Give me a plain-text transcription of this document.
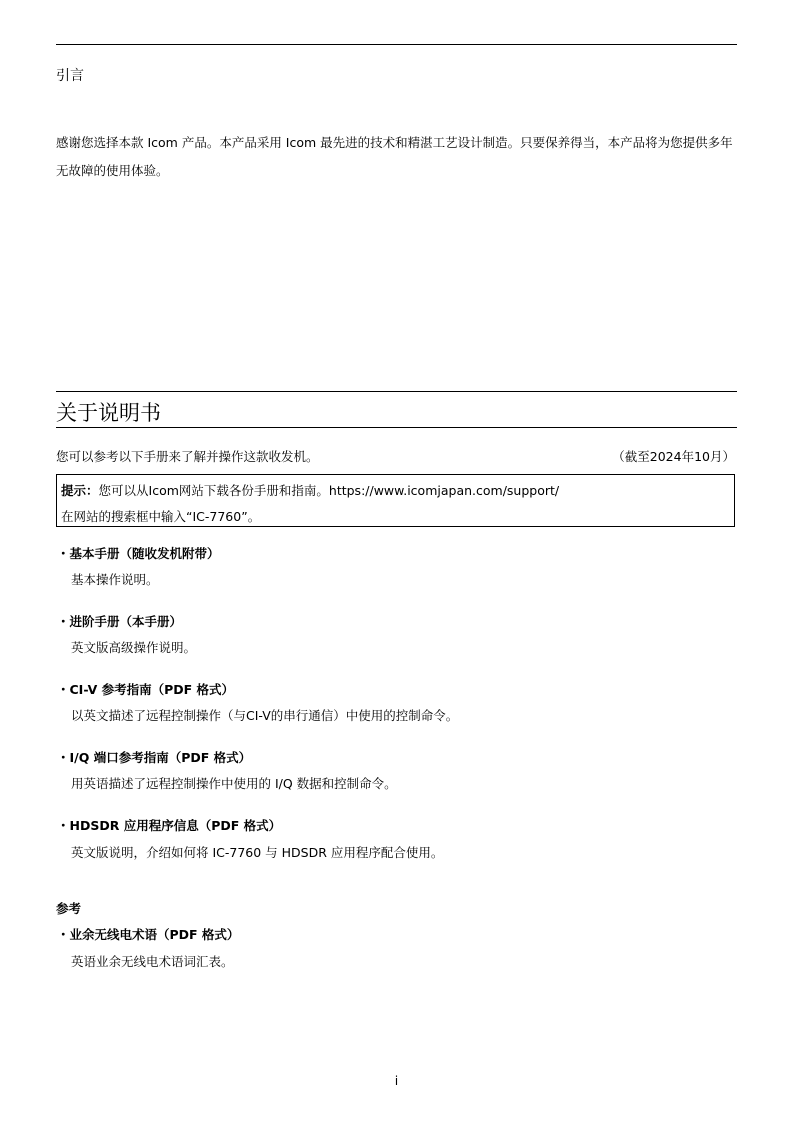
引言
感谢您选择本款 Icom 产品。本产品采用 Icom 最先进的技术和精湛工艺设计制造。只要保养得当，本产品将为您提供多年无故障的使用体验。
关于说明书
您可以参考以下手册来了解并操作这款收发机。	（截至2024年10月）
提示：您可以从Icom网站下载各份手册和指南。https://www.icomjapan.com/support/
在网站的搜索框中输入“IC-7760”。
・基本手册（随收发机附带）
基本操作说明。
・进阶手册（本手册）
英文版高级操作说明。
・CI-V 参考指南（PDF 格式）
以英文描述了远程控制操作（与CI-V的串行通信）中使用的控制命令。
・I/Q 端口参考指南（PDF 格式）
用英语描述了远程控制操作中使用的 I/Q 数据和控制命令。
・HDSDR 应用程序信息（PDF 格式）
英文版说明，介绍如何将 IC-7760 与 HDSDR 应用程序配合使用。
参考
・业余无线电术语（PDF 格式）
英语业余无线电术语词汇表。
i
